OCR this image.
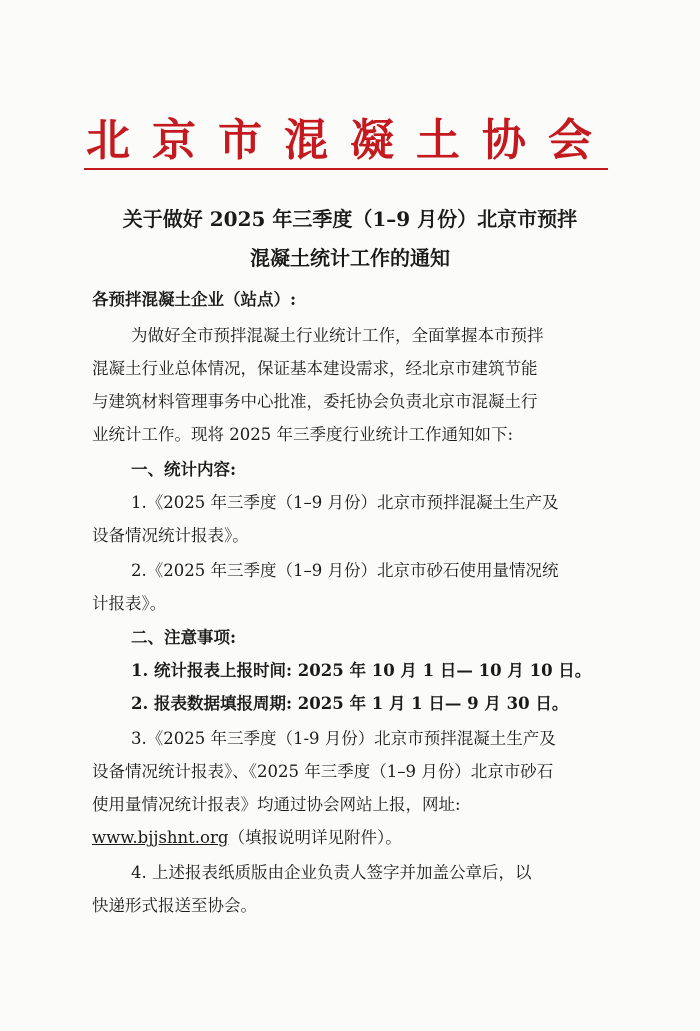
北京市混凝土协会
关于做好 2025 年三季度（1–9 月份）北京市预拌
混凝土统计工作的通知
各预拌混凝土企业（站点）:
为做好全市预拌混凝土行业统计工作，全面掌握本市预拌
混凝土行业总体情况，保证基本建设需求，经北京市建筑节能
与建筑材料管理事务中心批准，委托协会负责北京市混凝土行
业统计工作。现将 2025 年三季度行业统计工作通知如下:
一、统计内容:
1.《2025 年三季度（1–9 月份）北京市预拌混凝土生产及
设备情况统计报表》。
2.《2025 年三季度（1–9 月份）北京市砂石使用量情况统
计报表》。
二、注意事项:
1. 统计报表上报时间: 2025 年 10 月 1 日— 10 月 10 日。
2. 报表数据填报周期: 2025 年 1 月 1 日— 9 月 30 日。
3.《2025 年三季度（1-9 月份）北京市预拌混凝土生产及
设备情况统计报表》、《2025 年三季度（1–9 月份）北京市砂石
使用量情况统计报表》均通过协会网站上报，网址:
www.bjjshnt.org（填报说明详见附件）。
4. 上述报表纸质版由企业负责人签字并加盖公章后，以
快递形式报送至协会。
